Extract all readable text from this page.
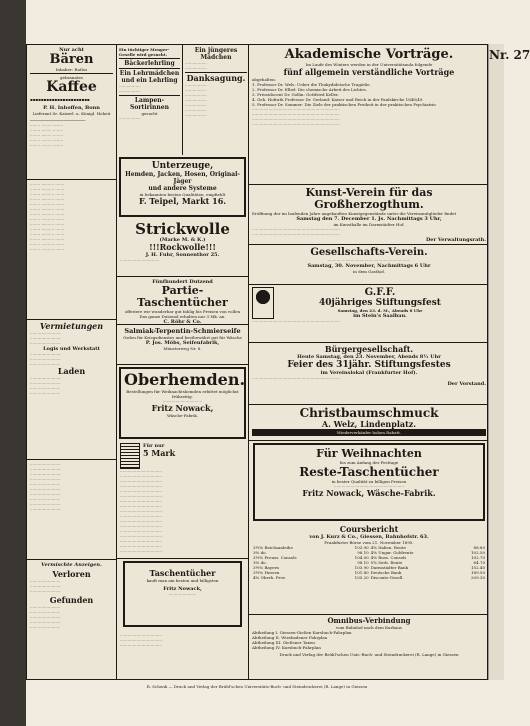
Nur acht
Bären
Inhaber: Ratlos
gebranntes
Kaffee
▪▪▪▪▪▪▪▪▪▪▪▪▪▪▪▪▪▪▪▪▪▪
P. H. Inhoffen, Bonn
Lieferant Sr. Kaiserl. u. Königl. Hoheit
───────────────────────
········ ········ ········
········ ········ ········
········ ········ ········
········ ········ ········
········ ········ ········
········ ·········· ·······
········ ·········· ·······
········ ·········· ·······
········ ·········· ·······
········ ·········· ·······
········ ·········· ·······
········ ·········· ·······
········ ·········· ·······
········ ·········· ·······
········ ·········· ·······
········ ·········· ·······
········ ·········· ·······
········ ·········· ·······
········ ·········· ·······
Vermietungen
························
························
························
Logis und Werkstatt
························
························
························
Laden
························
························
························
························
························
························
························
························
························
························
························
························
························
························
Vermischte Anzeigen.
Verloren
························
························
························
Gefunden
························
························
························
························
························
Ein tüchtiger Menger-Geselle wird gesucht.
Bäckerlehrling
Ein Lehrmädchen und ein Lehrling
·················
·················
Lampen-Sortirinnen
gesucht
·················
Ein jüngeres Mädchen
·················
·················
Danksagung.
·················
·················
·················
·················
·················
·················
·················
Unterzeuge,
Hemden, Jacken, Hosen, Original-Jäger
und andere Systeme
in bekannten besten Qualitäten, empfiehlt
F. Teipel, Markt 16.
Strickwolle
(Marke M. & K.)
!!!Rockwolle!!!
J. H. Fuhr, Sonnenthor 25.
·······························
Fünfhundert Dutzend
Partie-Taschentücher
offeriere wir wonderbar gut fahlig bis Preisen von vollen
Das ganze Dutzend erhalten nur 3 Mk. an.
C. Röhr & Co.
Salmiak-Terpentin-Schmierseife
Orden für Kriegsdienstes und bestbewährt gut für Wäsche
P. Jos. Möbs, Seifenfabrik,
Münsterweg Nr. 8.
Oberhemden.
Bestellungen für Weihnachtshemden erbittet möglichst frühzeitig.
·······························
Fritz Nowack,
Wäsche-Fabrik.
Für nur
5 Mark
·································
·································
·································
·································
·································
·································
·································
·································
·································
·································
·································
·································
·································
·································
·································
·································
·································
Taschentücher
kauft man am besten und billigsten
Fritz Nowack,
······················
·································
·································
·································
Akademische Vorträge.
Im Laufe des Winters werden in der Universitätsaula folgende
fünf allgemein verständliche Vorträge
abgehalten:
1. Professor Dr. Wels: Ueber die Thukydideische Tragödie.
2. Professor Dr. Elbel: Die chemische Arbeit des Lichtes.
3. Privatdocent Dr. Gollin: Gottfried Keller.
4. Geh. Hofrath Professor Dr. Gerland: Kaiser und Reich in der Paulskirche 1848/49.
5. Professor Dr. Sommer: Die Ziele der praktischen Freiheit in der praktischen Psychiatrie.
·····································································
·····································································
·····································································
·····································································
Kunst-Verein für das Großherzogthum.
Eröffnung der im laufenden Jahre angekauften Kunstgegenstände unter die Vereinsmitglieder findet
Samstag den 7. December 1. Js. Nachmittags 3 Uhr,
im Kunsthalle im Darmstädter Hof.
·····································································
·····································································
Der Verwaltungsrath.
Gesellschafts-Verein.
·································································
Samstag, 30. November, Nachmittags 6 Uhr
in dem Gasthof.
G.F.F.
40jähriges Stiftungsfest
Samstag, den 23. d. M., Abends 8 Uhr
im Stein's Saalbau.
·····································································
Bürgergesellschaft.
Heute Samstag, den 23. November, Abends 8½ Uhr
Feier des 31jähr. Stiftungsfestes
im Vereinslokal (Frankfurter Hof).
·····································································
Der Vorstand.
Christbaumschmuck
A. Welz, Lindenplatz.
Wiederverkäufer hohen Rabatt.
Für Weihnachten
bis zum Anfang der Festtage
Reste-Taschentücher
in bester Qualität zu billigen Preisen
·······················································
Fritz Nowack, Wäsche-Fabrik.
Coursbericht
von J. Kurz & Co., Giessen, Bahnhofstr. 63.
Frankfurter Börse vom 21. November 1895.
3½% Reichsanleihe	103.90	4% Italien. Rente	88.80
3% do.	98.10	4% Ungar. Goldrente	102.50
3½% Preuss. Consols	104.00	4% Russ. Consols	102.70
3% do.	98.10	5% Serb. Rente	64.70
3½% Bayern	103.90	Darmstädter Bank	152.40
3½% Hessen	101.80	Deutsche Bank	189.50
4% Oberh. Prov.	105.20	Disconto-Gesell.	209.30
Omnibus-Verbindung
vom Bahnhof nach dem Kurhaus
Abtheilung I. Giessen-Gießen Kursbuch-Fahrplan
Abtheilung II. Wiesbadener Fahrplan
Abtheilung III. Gießener Taxen
Abtheilung IV. Kursbuch-Fahrplan
Druck und Verlag der Brühl'schen Univ.-Buch- und Steindruckerei (R. Lange) in Giessen
Nr. 27
R. Schenk — Druck und Verlag der Brühl'schen Universitäts-Buch- und Steindruckerei (R. Lange) in Giessen
